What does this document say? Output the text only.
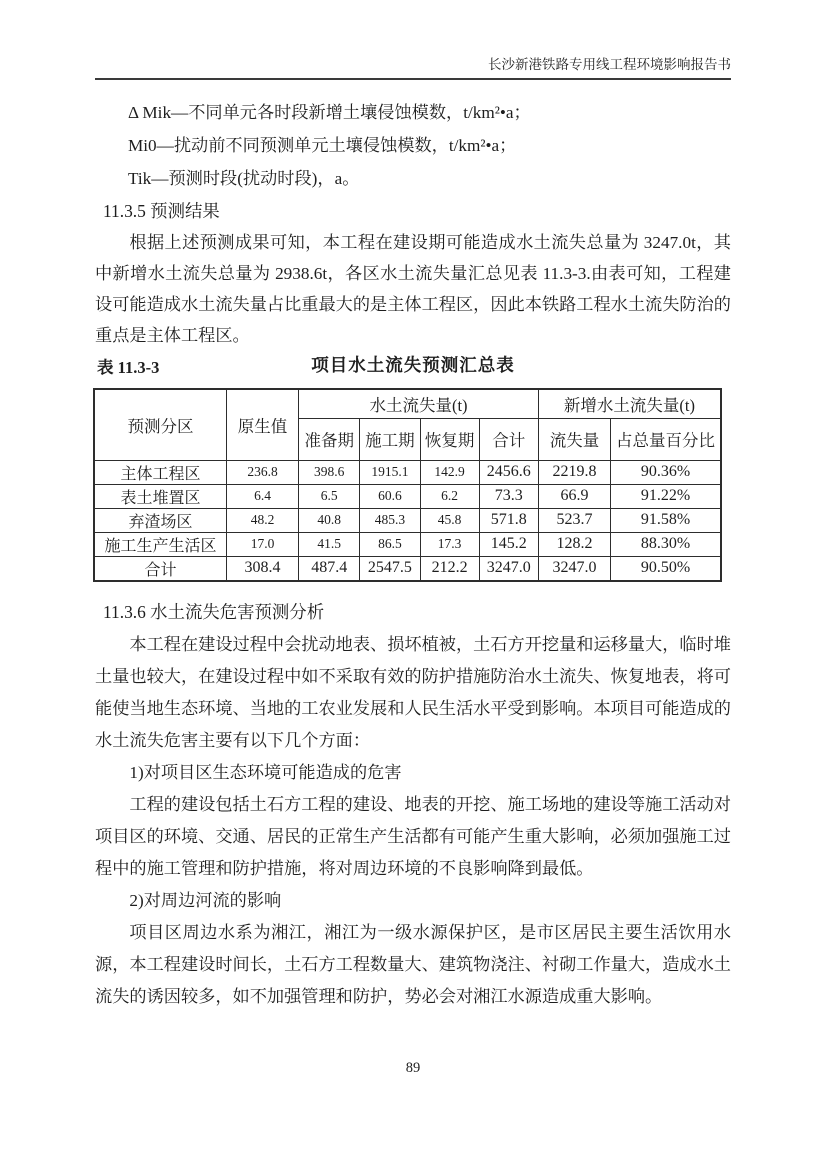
长沙新港铁路专用线工程环境影响报告书

Δ Mik—不同单元各时段新增土壤侵蚀模数，t/km²•a；

Mi0—扰动前不同预测单元土壤侵蚀模数，t/km²•a；

Tik—预测时段(扰动时段)，a。

11.3.5 预测结果

根据上述预测成果可知，本工程在建设期可能造成水土流失总量为 3247.0t，其中新增水土流失总量为 2938.6t，各区水土流失量汇总见表 11.3-3.由表可知，工程建设可能造成水土流失量占比重最大的是主体工程区，因此本铁路工程水土流失防治的重点是主体工程区。

表 11.3-3	项目水土流失预测汇总表
预测分区	原生值	水土流失量(t)				新增水土流失量(t)	
		准备期	施工期	恢复期	合计	流失量	占总量百分比
主体工程区	236.8	398.6	1915.1	142.9	2456.6	2219.8	90.36%
表土堆置区	6.4	6.5	60.6	6.2	73.3	66.9	91.22%
弃渣场区	48.2	40.8	485.3	45.8	571.8	523.7	91.58%
施工生产生活区	17.0	41.5	86.5	17.3	145.2	128.2	88.30%
合计	308.4	487.4	2547.5	212.2	3247.0	3247.0	90.50%
11.3.6 水土流失危害预测分析

本工程在建设过程中会扰动地表、损坏植被，土石方开挖量和运移量大，临时堆土量也较大，在建设过程中如不采取有效的防护措施防治水土流失、恢复地表，将可能使当地生态环境、当地的工农业发展和人民生活水平受到影响。本项目可能造成的水土流失危害主要有以下几个方面：

1)对项目区生态环境可能造成的危害

工程的建设包括土石方工程的建设、地表的开挖、施工场地的建设等施工活动对项目区的环境、交通、居民的正常生产生活都有可能产生重大影响，必须加强施工过程中的施工管理和防护措施，将对周边环境的不良影响降到最低。

2)对周边河流的影响

项目区周边水系为湘江，湘江为一级水源保护区，是市区居民主要生活饮用水源，本工程建设时间长，土石方工程数量大、建筑物浇注、衬砌工作量大，造成水土流失的诱因较多，如不加强管理和防护，势必会对湘江水源造成重大影响。

89
